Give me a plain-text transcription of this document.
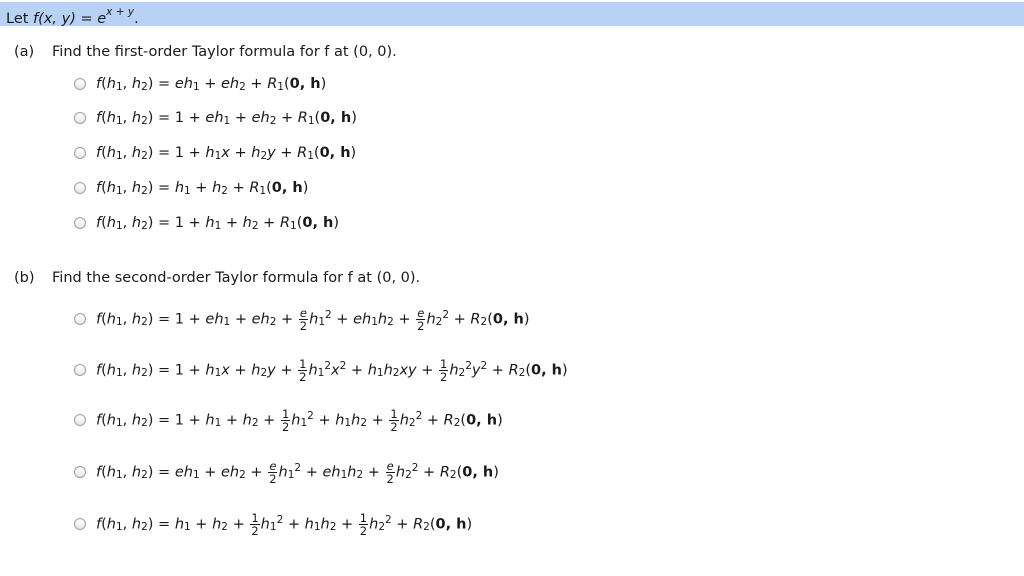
Let f(x, $y) = e^{x + y}$.
(a) Find the first-order Taylor formula for f at (0, 0).
$f(h_1$, $h_2) = eh_1 + eh_2 + R_1(0$, h)
$f(h_1$, $h_2) = 1 + eh_1 + eh_2 + R_1(0$, h)
$f(h_1$, $h_2) = 1 + h_1x + h_2y + R_1(0$, h)
$f(h_1$, $h_2) = h_1 + h_2 + R_1(0$, h)
$f(h_1$, $h_2) = 1 + h_1 + h_2 + R_1(0$, h)
(b) Find the second-order Taylor formula for f at (0, 0).
$f(h_1$, $h_2) = 1 + eh_1 + eh_2 + \frac{e}{2} h_1^2 + eh_1h_2 + \frac{e}{2} h_2^2 + R_2(0$, h)
$f(h_1$, $h_2) = 1 + h_1x + h_2y + \frac{1}{2} h_1^2x^2 + h_1h_2xy + \frac{1}{2} h_2^2y^2 + R_2(0$, h)
$f(h_1$, $h_2) = 1 + h_1 + h_2 + \frac{1}{2} h_1^2 + h_1h_2 + \frac{1}{2} h_2^2 + R_2(0$, h)
$f(h_1$, $h_2) = eh_1 + eh_2 + \frac{e}{2} h_1^2 + eh_1h_2 + \frac{e}{2} h_2^2 + R_2(0$, h)
$f(h_1$, $h_2) = h_1 + h_2 + \frac{1}{2} h_1^2 + h_1h_2 + \frac{1}{2} h_2^2 + R_2(0$, h)
